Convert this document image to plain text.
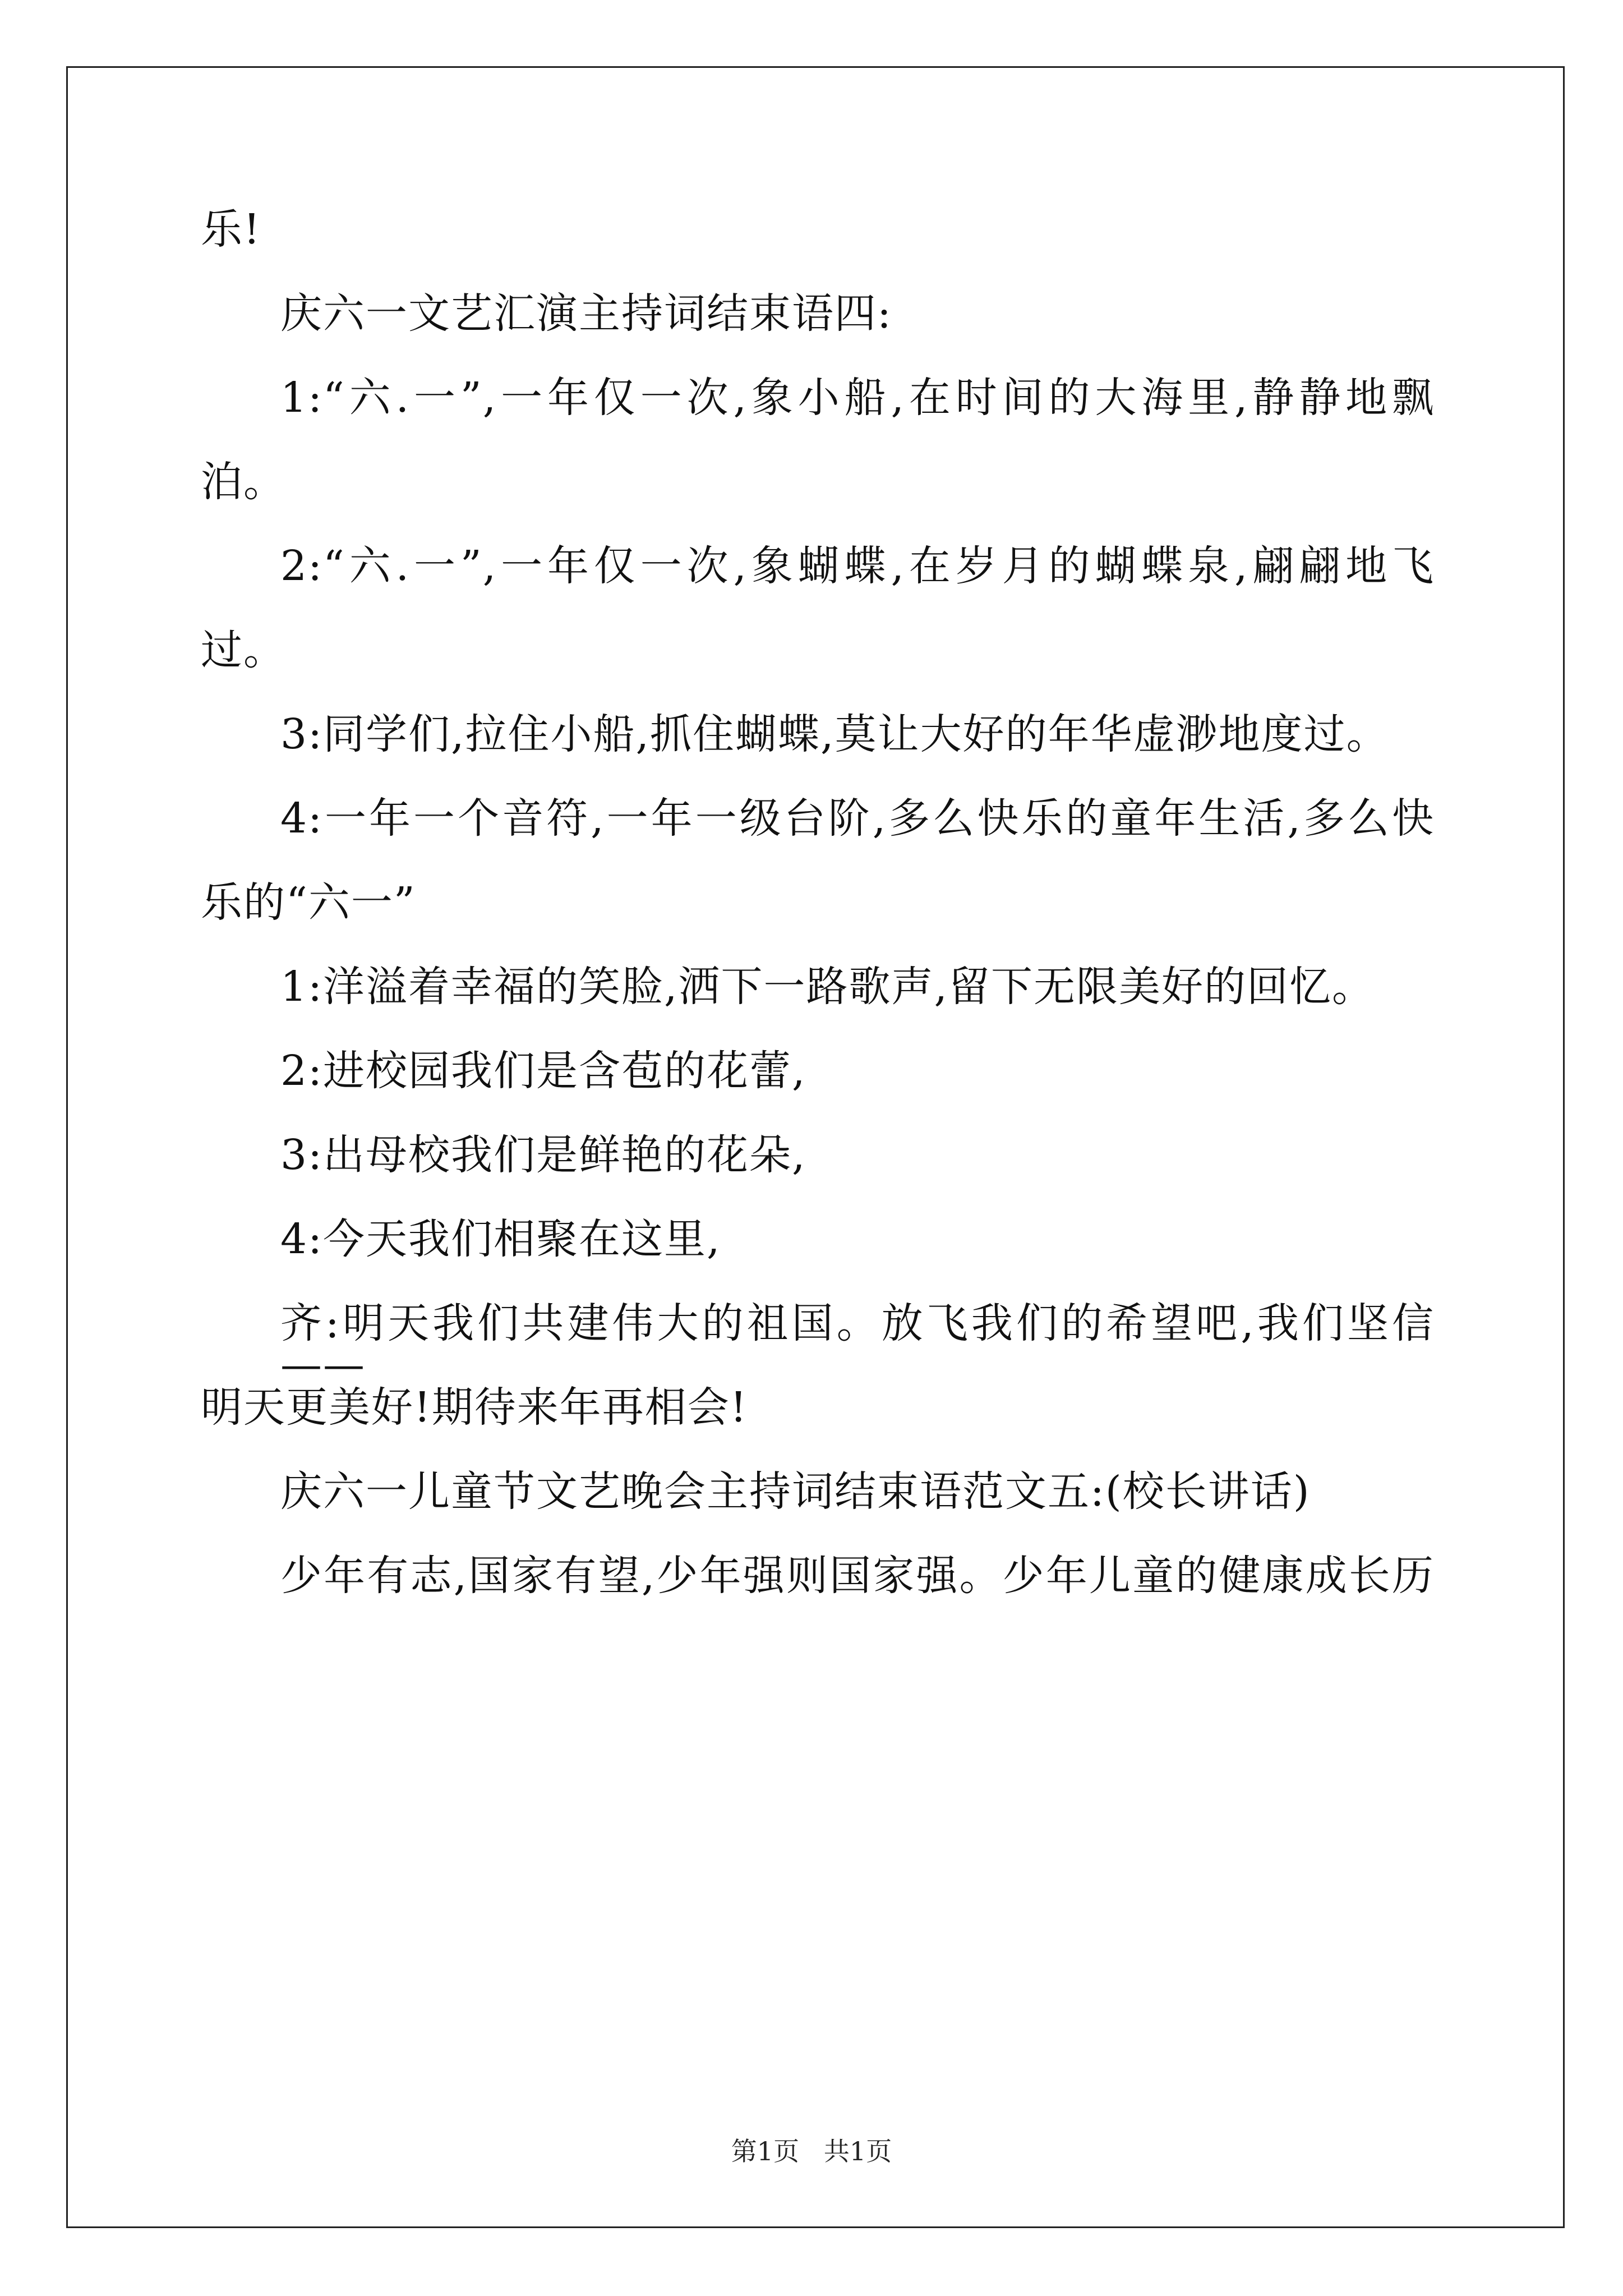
乐!
庆六一文艺汇演主持词结束语四:
1:“六.一”,一年仅一次,象小船,在时间的大海里,静静地飘
泊。
2:“六.一”,一年仅一次,象蝴蝶,在岁月的蝴蝶泉,翩翩地飞
过。
3:同学们,拉住小船,抓住蝴蝶,莫让大好的年华虚渺地度过。
4:一年一个音符,一年一级台阶,多么快乐的童年生活,多么快
乐的“六一”
1:洋溢着幸福的笑脸,洒下一路歌声,留下无限美好的回忆。
2:进校园我们是含苞的花蕾,
3:出母校我们是鲜艳的花朵,
4:今天我们相聚在这里,
齐:明天我们共建伟大的祖国。放飞我们的希望吧,我们坚信——
明天更美好!期待来年再相会!
庆六一儿童节文艺晚会主持词结束语范文五:(校长讲话)
少年有志,国家有望,少年强则国家强。少年儿童的健康成长历
第1页   共1页
